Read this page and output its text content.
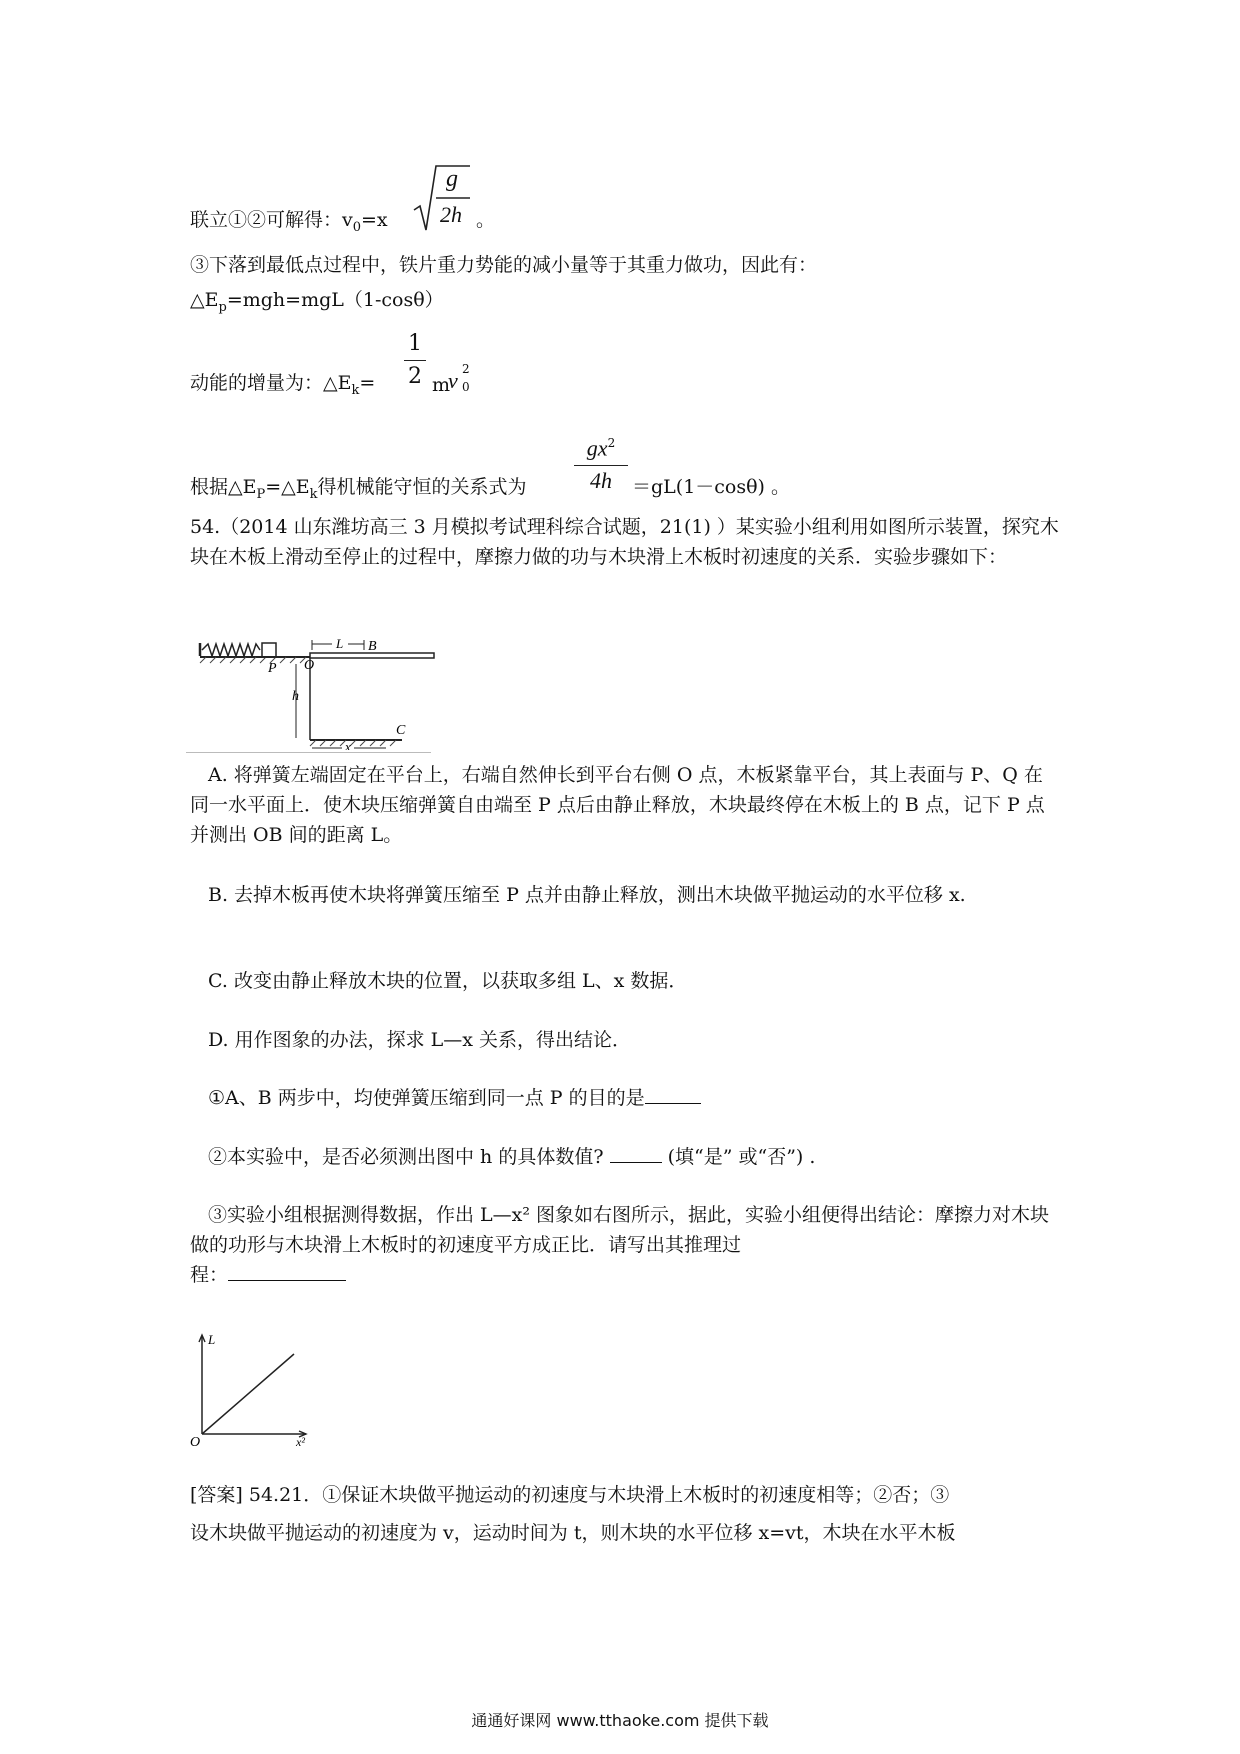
联立①②可解得：$v_0=x$
g
2h 。
③下落到最低点过程中，铁片重力势能的减小量等于其重力做功，因此有：
$\triangle E_p=mgh=mgL(1-\cos\theta)$
动能的增量为：$\triangle E_k=$
1
2 m
v 2
0
根据$\triangle E_P=\triangle E_k$得机械能守恒的关系式为
$gx^2$
4h	＝gL(1－cosθ) 。
54.（2014 山东潍坊高三 3 月模拟考试理科综合试题，21(1) ）某实验小组利用如图所示装置，探究木块在木板上滑动至停止的过程中，摩擦力做的功与木块滑上木板时初速度的关系．实验步骤如下：
P O
L B
h
C
x
A. 将弹簧左端固定在平台上，右端自然伸长到平台右侧 O 点，木板紧靠平台，其上表面与 P、Q 在同一水平面上．使木块压缩弹簧自由端至 P 点后由静止释放，木块最终停在木板上的 B 点，记下 P 点并测出 OB 间的距离 L。
B. 去掉木板再使木块将弹簧压缩至 P 点并由静止释放，测出木块做平抛运动的水平位移 x.
C. 改变由静止释放木块的位置，以获取多组 L、x 数据．
D. 用作图象的办法，探求 L—x 关系，得出结论．
①A、B 两步中，均使弹簧压缩到同一点 P 的目的是
②本实验中，是否必须测出图中 h 的具体数值?	(填“是” 或“否”) .
③实验小组根据测得数据，作出 L—x² 图象如右图所示，据此，实验小组便得出结论：摩擦力对木块做的功形与木块滑上木板时的初速度平方成正比．请写出其推理过
程：
L
O	x²
[答案] 54.21．①保证木块做平抛运动的初速度与木块滑上木板时的初速度相等；②否；③
设木块做平抛运动的初速度为 v，运动时间为 t，则木块的水平位移 x=vt，木块在水平木板
通通好课网 www.tthaoke.com 提供下载
